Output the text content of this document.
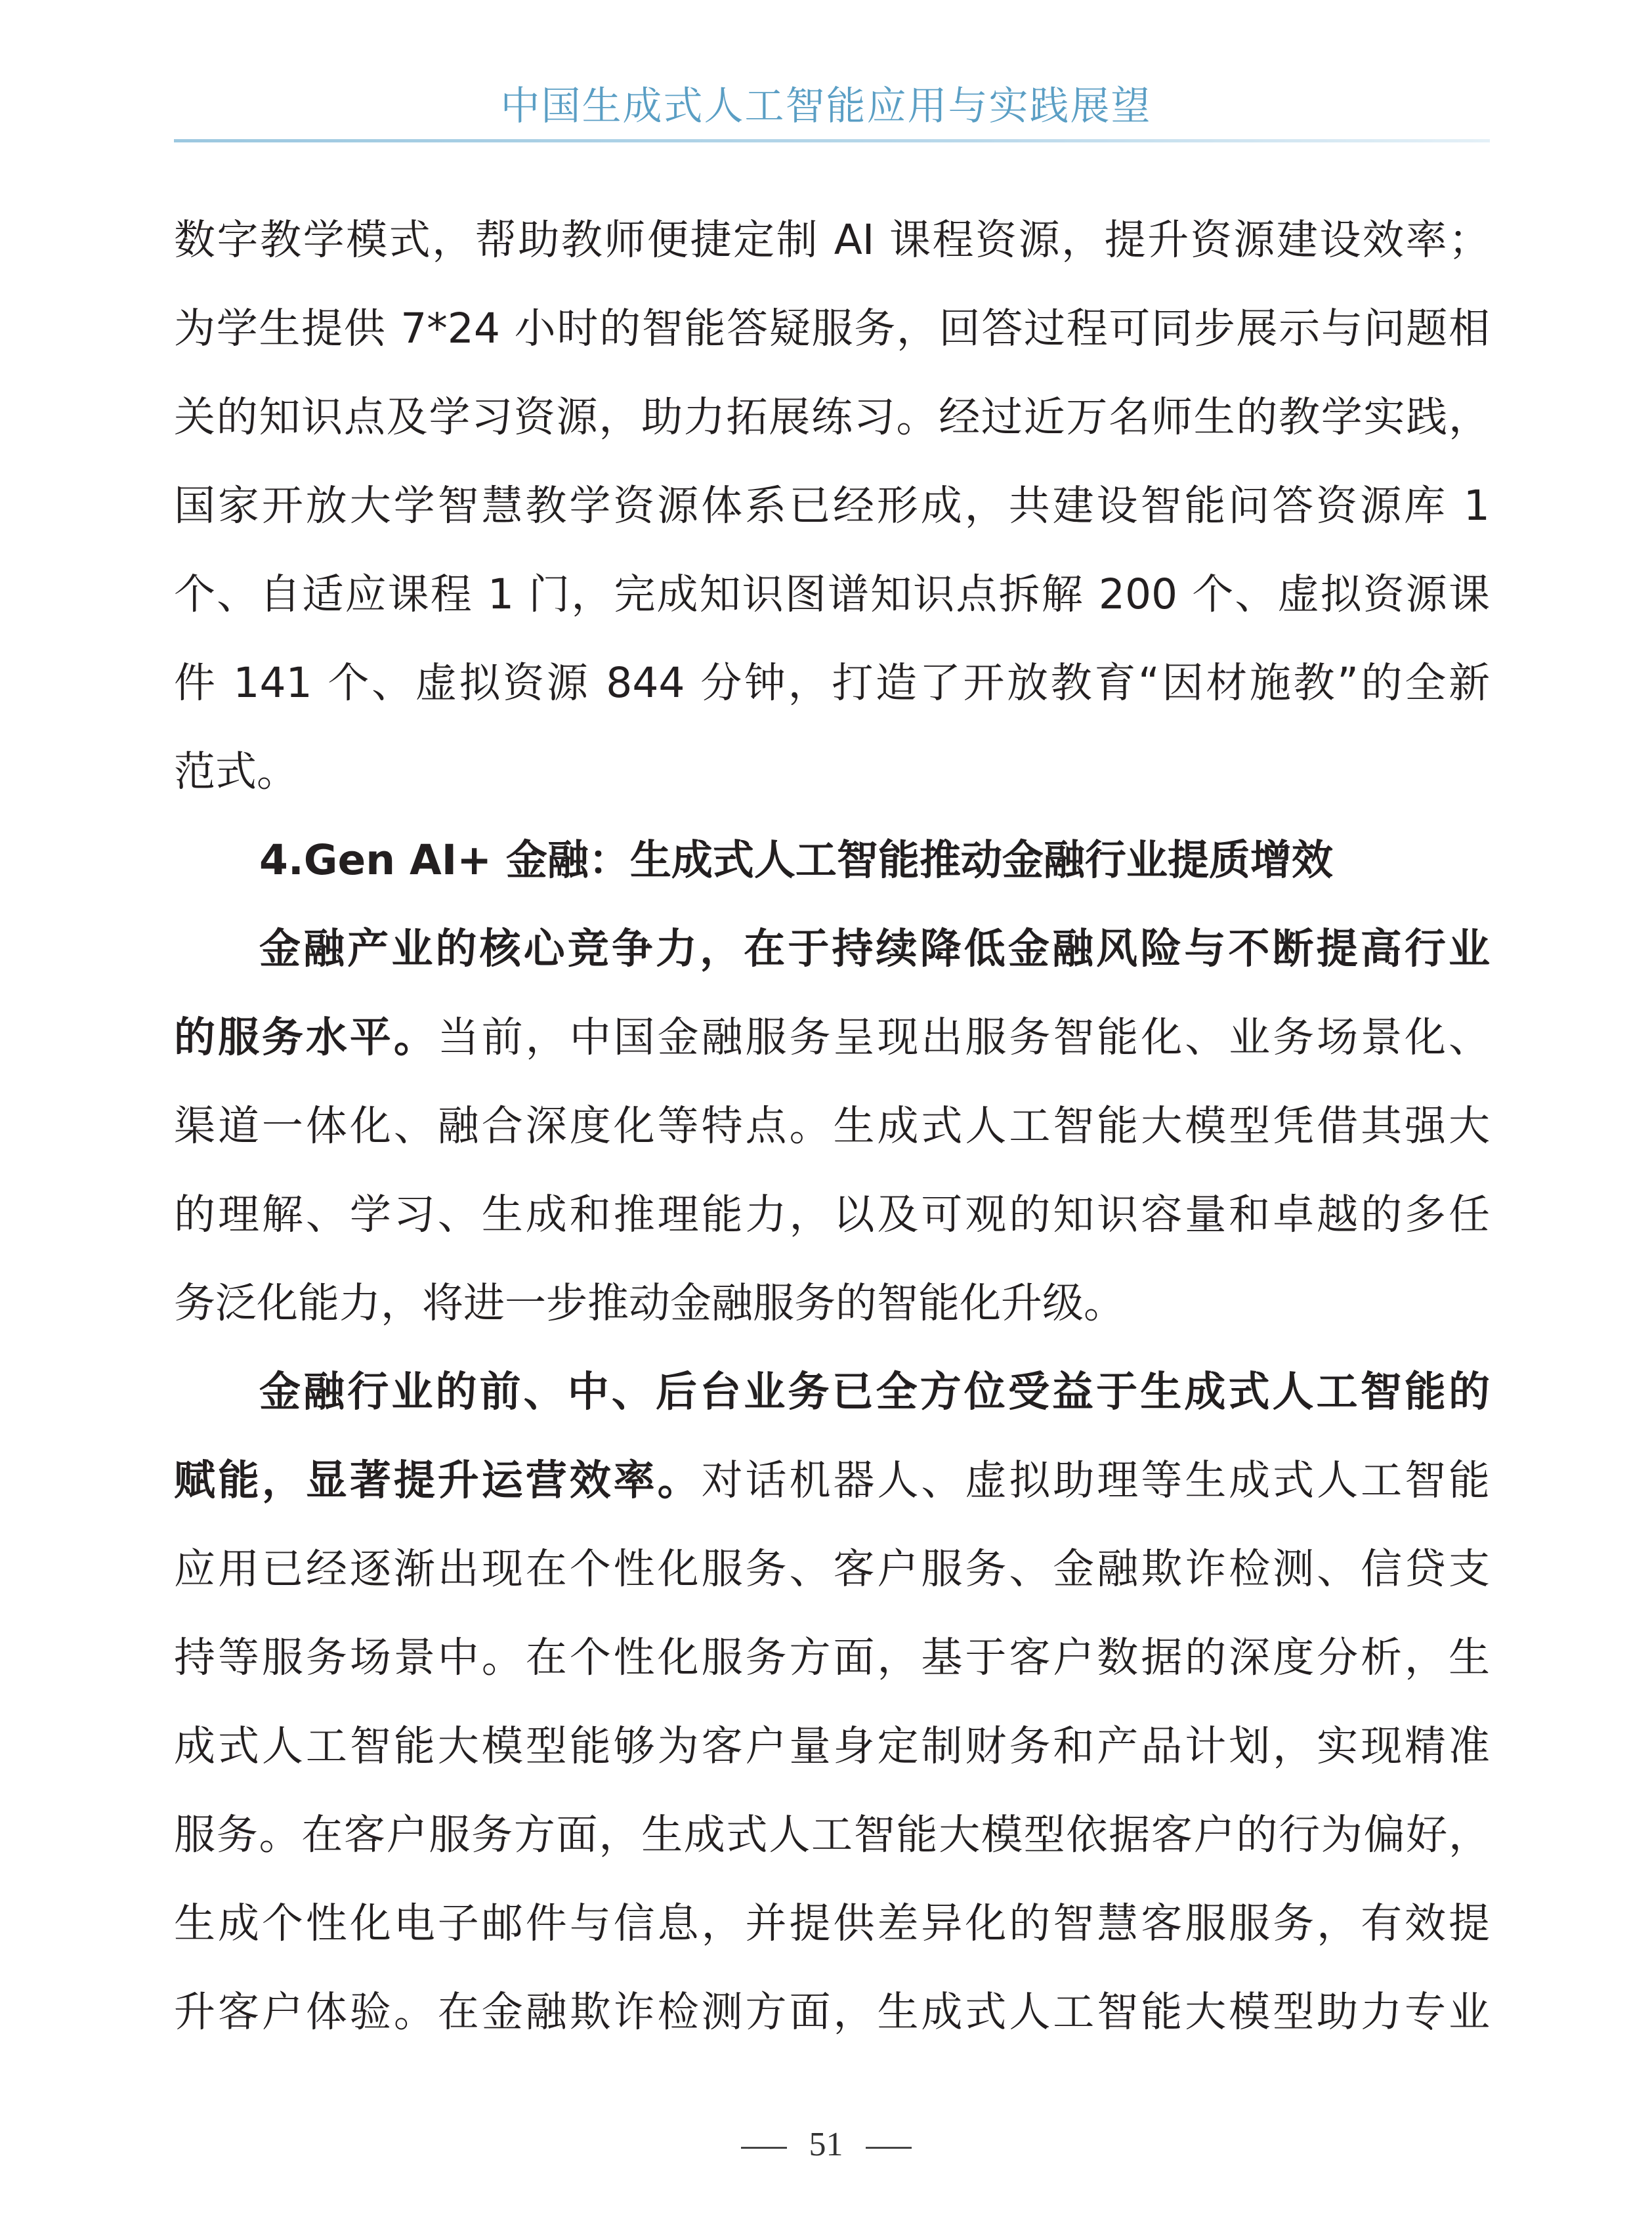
中国生成式人工智能应用与实践展望
数字教学模式，帮助教师便捷定制 AI 课程资源，提升资源建设效率；
为学生提供 7*24 小时的智能答疑服务，回答过程可同步展示与问题相
关的知识点及学习资源，助力拓展练习。经过近万名师生的教学实践，
国家开放大学智慧教学资源体系已经形成，共建设智能问答资源库 1
个、自适应课程 1 门，完成知识图谱知识点拆解 200 个、虚拟资源课
件 141 个、虚拟资源 844 分钟，打造了开放教育“因材施教”的全新
范式。
4.Gen AI+ 金融：生成式人工智能推动金融行业提质增效
金融产业的核心竞争力，在于持续降低金融风险与不断提高行业
的服务水平。当前，中国金融服务呈现出服务智能化、业务场景化、
渠道一体化、融合深度化等特点。生成式人工智能大模型凭借其强大
的理解、学习、生成和推理能力，以及可观的知识容量和卓越的多任
务泛化能力，将进一步推动金融服务的智能化升级。
金融行业的前、中、后台业务已全方位受益于生成式人工智能的
赋能，显著提升运营效率。对话机器人、虚拟助理等生成式人工智能
应用已经逐渐出现在个性化服务、客户服务、金融欺诈检测、信贷支
持等服务场景中。在个性化服务方面，基于客户数据的深度分析，生
成式人工智能大模型能够为客户量身定制财务和产品计划，实现精准
服务。在客户服务方面，生成式人工智能大模型依据客户的行为偏好，
生成个性化电子邮件与信息，并提供差异化的智慧客服服务，有效提
升客户体验。在金融欺诈检测方面，生成式人工智能大模型助力专业
51
